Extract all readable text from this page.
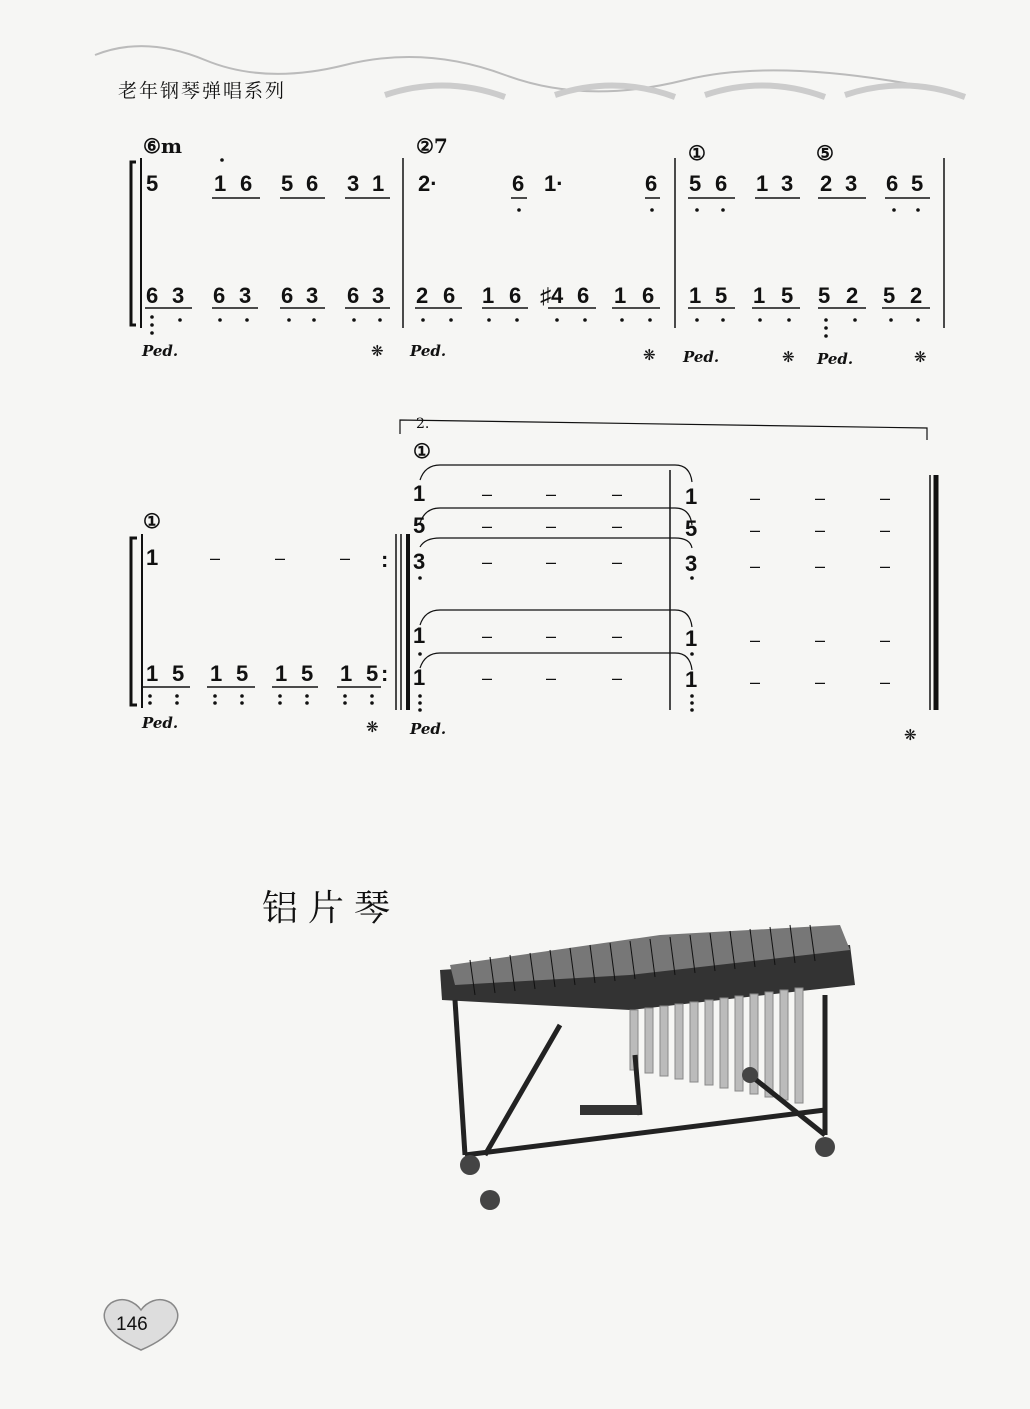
老年钢琴弹唱系列
⑥m	②7	①	⑤
5	1 6 5 6 3 1 2·	6 1·	6 5 6 1 3 2 3 6 5
6 3 6 3 6 3 6 3 2 6 1 6 ♯4 6 1 6 1 5 1 5 5 2 5 2
Ped.	❋ Ped.	❋ Ped.	❋ Ped.	❋
2.
①
①
1	–	–	– :
1 5 1 5 1 5 1 5 :
1	1
5	5
3	3
1	1
1	1
–	–	–	–	–	–
–	–	–	–	–	–
–	–	–	–	–	–
–	–	–	–	–	–
–	–	–	–	–	–
Ped.	❋ Ped.	❋
铝片琴
146
